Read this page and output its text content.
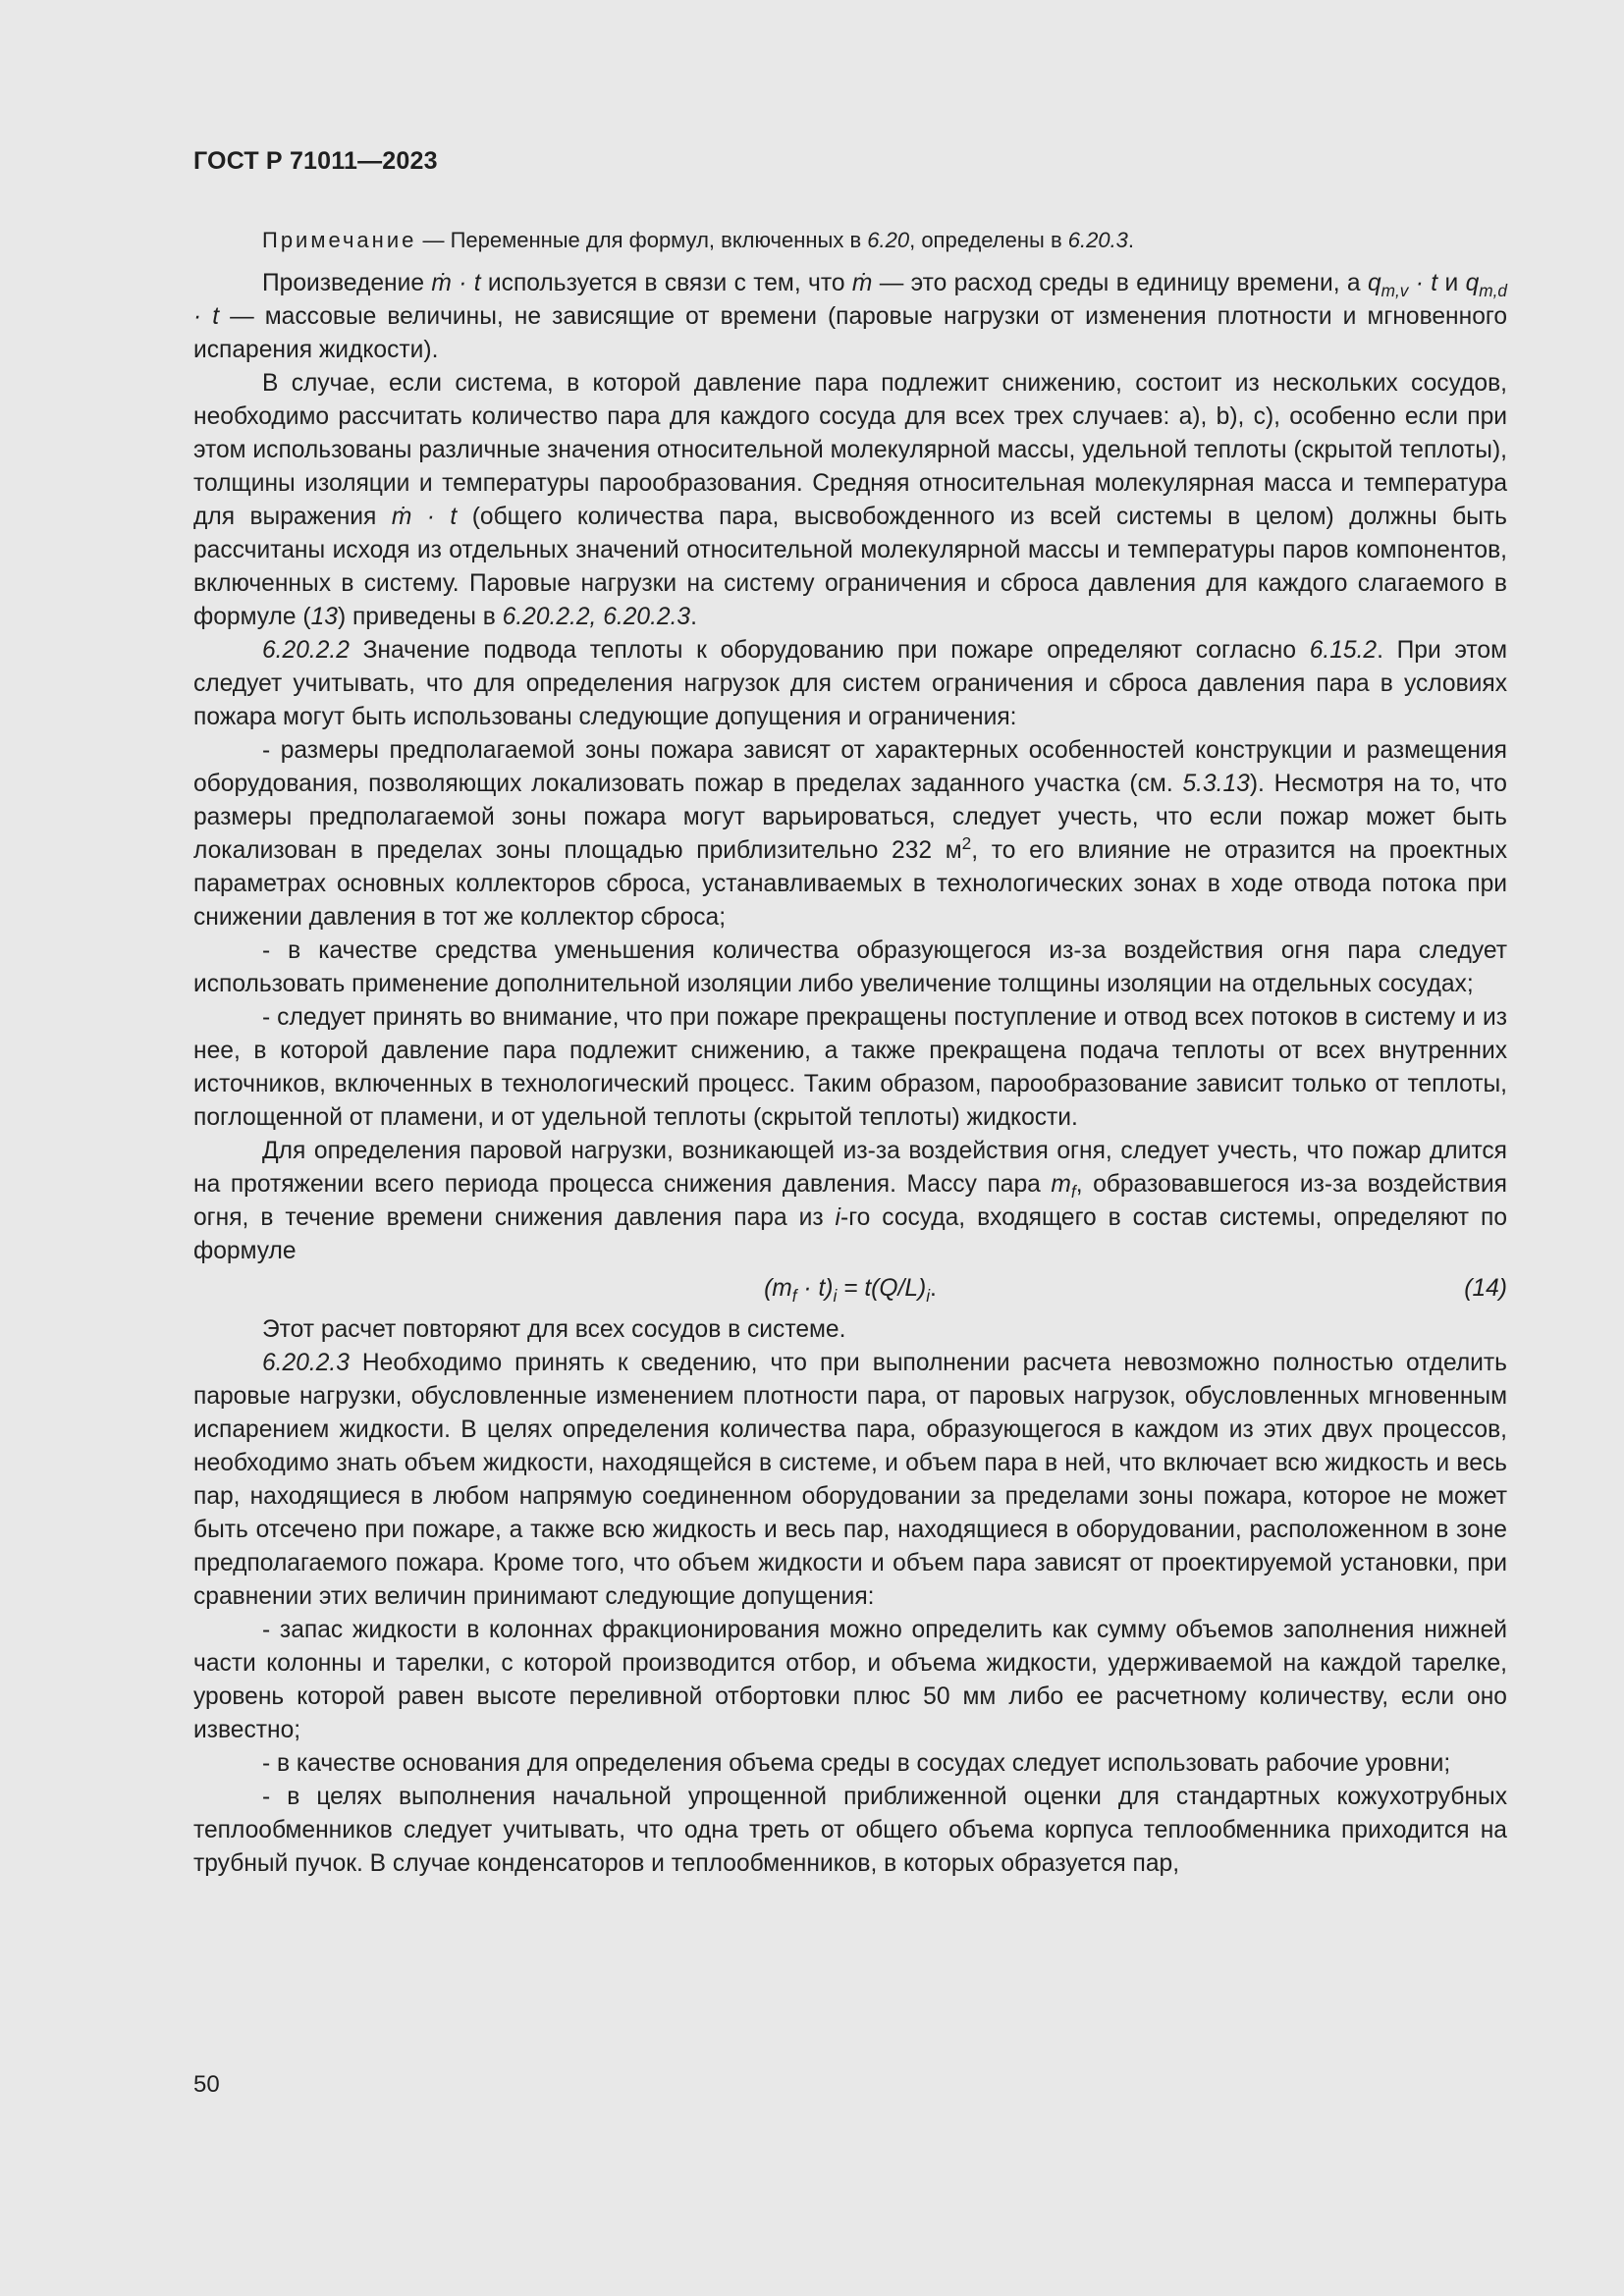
ГОСТ Р 71011—2023

Примечание — Переменные для формул, включенных в 6.20, определены в 6.20.3.

Произведение ṁ · t используется в связи с тем, что ṁ — это расход среды в единицу времени, а $q_{m,v} \cdot t$ и $q_{m,d} \cdot t$ — массовые величины, не зависящие от времени (паровые нагрузки от изменения плотности и мгновенного испарения жидкости).

В случае, если система, в которой давление пара подлежит снижению, состоит из нескольких сосудов, необходимо рассчитать количество пара для каждого сосуда для всех трех случаев: a), b), c), особенно если при этом использованы различные значения относительной молекулярной массы, удельной теплоты (скрытой теплоты), толщины изоляции и температуры парообразования. Средняя относительная молекулярная масса и температура для выражения ṁ · t (общего количества пара, высвобожденного из всей системы в целом) должны быть рассчитаны исходя из отдельных значений относительной молекулярной массы и температуры паров компонентов, включенных в систему. Паровые нагрузки на систему ограничения и сброса давления для каждого слагаемого в формуле (13) приведены в 6.20.2.2, 6.20.2.3.

6.20.2.2 Значение подвода теплоты к оборудованию при пожаре определяют согласно 6.15.2. При этом следует учитывать, что для определения нагрузок для систем ограничения и сброса давления пара в условиях пожара могут быть использованы следующие допущения и ограничения:

- размеры предполагаемой зоны пожара зависят от характерных особенностей конструкции и размещения оборудования, позволяющих локализовать пожар в пределах заданного участка (см. 5.3.13). Несмотря на то, что размеры предполагаемой зоны пожара могут варьироваться, следует учесть, что если пожар может быть локализован в пределах зоны площадью приблизительно 232 $м^2$, то его влияние не отразится на проектных параметрах основных коллекторов сброса, устанавливаемых в технологических зонах в ходе отвода потока при снижении давления в тот же коллектор сброса;

- в качестве средства уменьшения количества образующегося из-за воздействия огня пара следует использовать применение дополнительной изоляции либо увеличение толщины изоляции на отдельных сосудах;

- следует принять во внимание, что при пожаре прекращены поступление и отвод всех потоков в систему и из нее, в которой давление пара подлежит снижению, а также прекращена подача теплоты от всех внутренних источников, включенных в технологический процесс. Таким образом, парообразование зависит только от теплоты, поглощенной от пламени, и от удельной теплоты (скрытой теплоты) жидкости.

Для определения паровой нагрузки, возникающей из-за воздействия огня, следует учесть, что пожар длится на протяжении всего периода процесса снижения давления. Массу пара $m_f$, образовавшегося из-за воздействия огня, в течение времени снижения давления пара из i-го сосуда, входящего в состав системы, определяют по формуле

$(m_f \cdot t)_i = t(Q/L)_i$.	(14)

Этот расчет повторяют для всех сосудов в системе.

6.20.2.3 Необходимо принять к сведению, что при выполнении расчета невозможно полностью отделить паровые нагрузки, обусловленные изменением плотности пара, от паровых нагрузок, обусловленных мгновенным испарением жидкости. В целях определения количества пара, образующегося в каждом из этих двух процессов, необходимо знать объем жидкости, находящейся в системе, и объем пара в ней, что включает всю жидкость и весь пар, находящиеся в любом напрямую соединенном оборудовании за пределами зоны пожара, которое не может быть отсечено при пожаре, а также всю жидкость и весь пар, находящиеся в оборудовании, расположенном в зоне предполагаемого пожара. Кроме того, что объем жидкости и объем пара зависят от проектируемой установки, при сравнении этих величин принимают следующие допущения:

- запас жидкости в колоннах фракционирования можно определить как сумму объемов заполнения нижней части колонны и тарелки, с которой производится отбор, и объема жидкости, удерживаемой на каждой тарелке, уровень которой равен высоте переливной отбортовки плюс 50 мм либо ее расчетному количеству, если оно известно;

- в качестве основания для определения объема среды в сосудах следует использовать рабочие уровни;

- в целях выполнения начальной упрощенной приближенной оценки для стандартных кожухотрубных теплообменников следует учитывать, что одна треть от общего объема корпуса теплообменника приходится на трубный пучок. В случае конденсаторов и теплообменников, в которых образуется пар,

50
